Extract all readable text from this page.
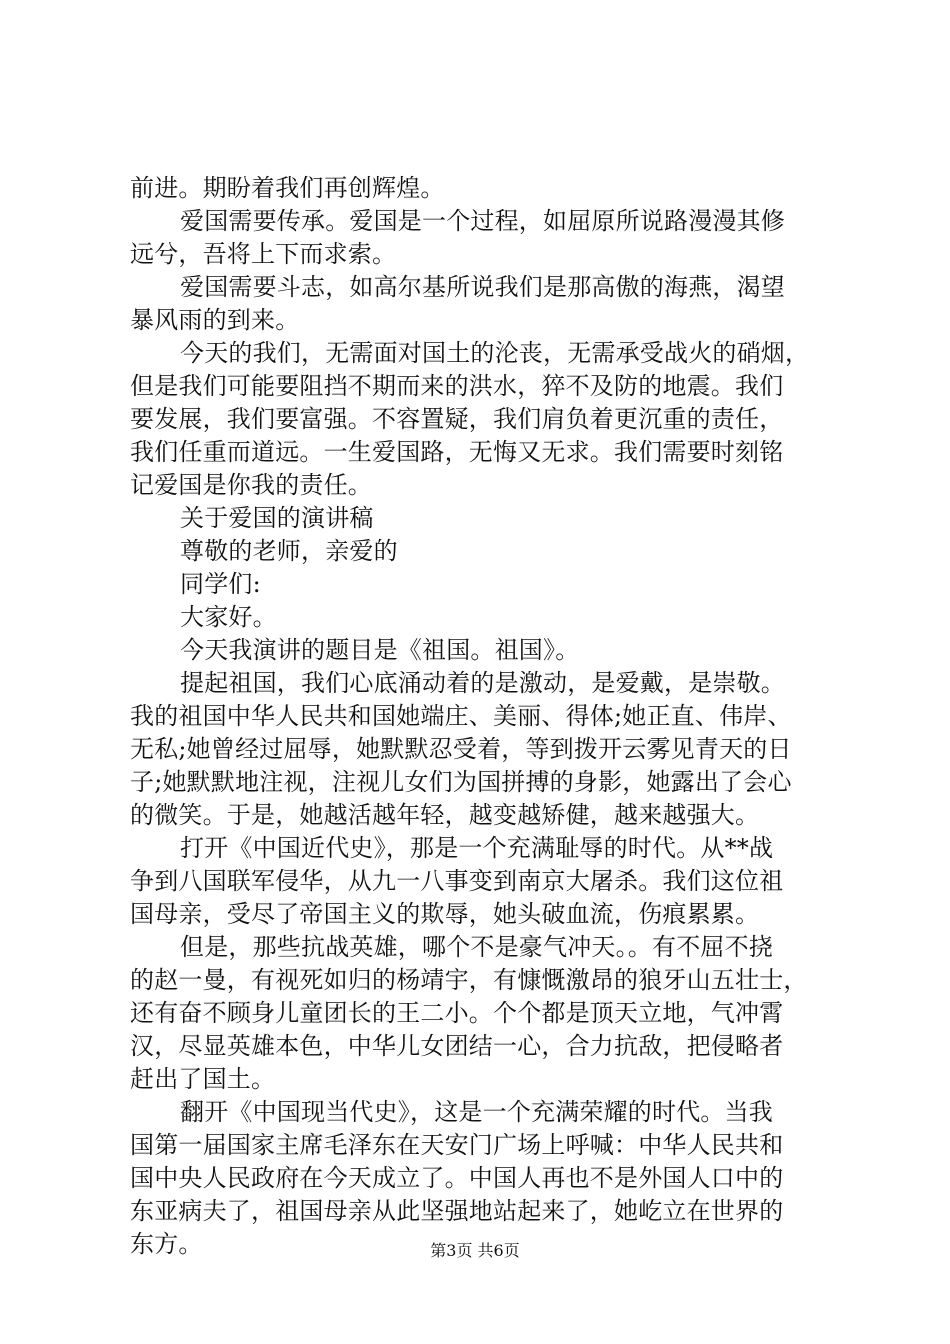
前进。期盼着我们再创辉煌。
爱国需要传承。爱国是一个过程，如屈原所说路漫漫其修
远兮，吾将上下而求索。
爱国需要斗志，如高尔基所说我们是那高傲的海燕，渴望
暴风雨的到来。
今天的我们，无需面对国土的沦丧，无需承受战火的硝烟，
但是我们可能要阻挡不期而来的洪水，猝不及防的地震。我们
要发展，我们要富强。不容置疑，我们肩负着更沉重的责任，
我们任重而道远。一生爱国路，无悔又无求。我们需要时刻铭
记爱国是你我的责任。
关于爱国的演讲稿
尊敬的老师，亲爱的
同学们:
大家好。
今天我演讲的题目是《祖国。祖国》。
提起祖国，我们心底涌动着的是激动，是爱戴，是崇敬。
我的祖国中华人民共和国她端庄、美丽、得体;她正直、伟岸、
无私;她曾经过屈辱，她默默忍受着，等到拨开云雾见青天的日
子;她默默地注视，注视儿女们为国拼搏的身影，她露出了会心
的微笑。于是，她越活越年轻，越变越矫健，越来越强大。
打开《中国近代史》，那是一个充满耻辱的时代。从**战
争到八国联军侵华，从九一八事变到南京大屠杀。我们这位祖
国母亲，受尽了帝国主义的欺辱，她头破血流，伤痕累累。
但是，那些抗战英雄，哪个不是豪气冲天。。有不屈不挠
的赵一曼，有视死如归的杨靖宇，有慷慨激昂的狼牙山五壮士，
还有奋不顾身儿童团长的王二小。个个都是顶天立地，气冲霄
汉，尽显英雄本色，中华儿女团结一心，合力抗敌，把侵略者
赶出了国土。
翻开《中国现当代史》，这是一个充满荣耀的时代。当我
国第一届国家主席毛泽东在天安门广场上呼喊：中华人民共和
国中央人民政府在今天成立了。中国人再也不是外国人口中的
东亚病夫了，祖国母亲从此坚强地站起来了，她屹立在世界的
东方。	第3页 共6页
